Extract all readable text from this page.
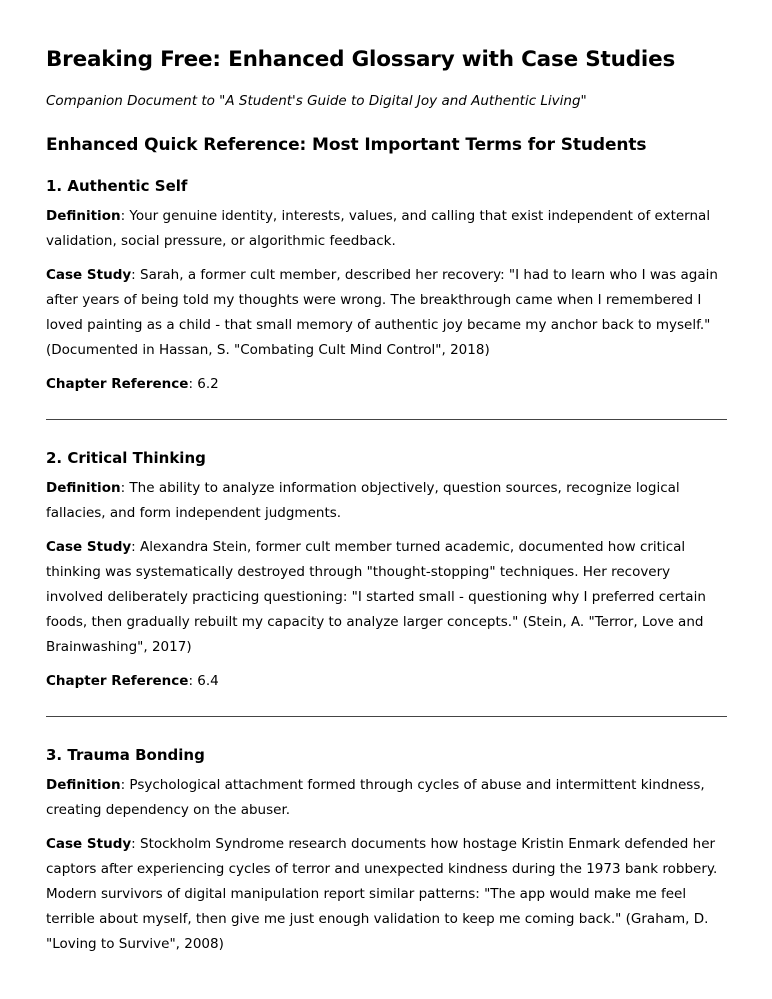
Breaking Free: Enhanced Glossary with Case Studies
Companion Document to "A Student's Guide to Digital Joy and Authentic Living"
Enhanced Quick Reference: Most Important Terms for Students
1. Authentic Self

Definition: Your genuine identity, interests, values, and calling that exist independent of external validation, social pressure, or algorithmic feedback.

Case Study: Sarah, a former cult member, described her recovery: "I had to learn who I was again after years of being told my thoughts were wrong. The breakthrough came when I remembered I loved painting as a child - that small memory of authentic joy became my anchor back to myself." (Documented in Hassan, S. "Combating Cult Mind Control", 2018)

Chapter Reference: 6.2

2. Critical Thinking

Definition: The ability to analyze information objectively, question sources, recognize logical fallacies, and form independent judgments.

Case Study: Alexandra Stein, former cult member turned academic, documented how critical thinking was systematically destroyed through "thought-stopping" techniques. Her recovery involved deliberately practicing questioning: "I started small - questioning why I preferred certain foods, then gradually rebuilt my capacity to analyze larger concepts." (Stein, A. "Terror, Love and Brainwashing", 2017)

Chapter Reference: 6.4

3. Trauma Bonding

Definition: Psychological attachment formed through cycles of abuse and intermittent kindness, creating dependency on the abuser.

Case Study: Stockholm Syndrome research documents how hostage Kristin Enmark defended her captors after experiencing cycles of terror and unexpected kindness during the 1973 bank robbery. Modern survivors of digital manipulation report similar patterns: "The app would make me feel terrible about myself, then give me just enough validation to keep me coming back." (Graham, D. "Loving to Survive", 2008)
